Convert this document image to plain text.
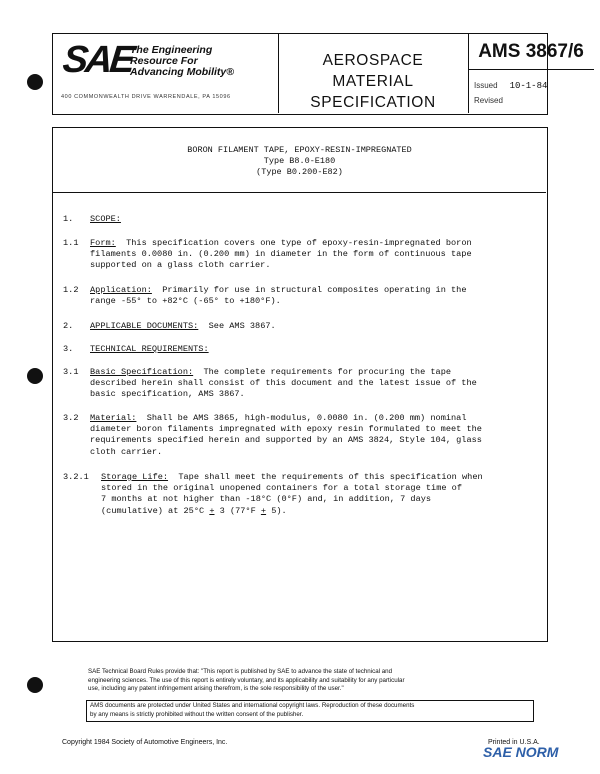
SAE
The Engineering
Resource For
Advancing Mobility®
400 COMMONWEALTH DRIVE WARRENDALE, PA 15096
AEROSPACE
MATERIAL
SPECIFICATION
AMS 3867/6
Issued 10-1-84
Revised
BORON FILAMENT TAPE, EPOXY-RESIN-IMPREGNATED
Type B8.0-E180
(Type B0.200-E82)
1. SCOPE:
1.1 Form:  This specification covers one type of epoxy-resin-impregnated boron
filaments 0.0080 in. (0.200 mm) in diameter in the form of continuous tape
supported on a glass cloth carrier.
1.2 Application:  Primarily for use in structural composites operating in the
range -55° to +82°C (-65° to +180°F).
2. APPLICABLE DOCUMENTS:  See AMS 3867.
3. TECHNICAL REQUIREMENTS:
3.1 Basic Specification:  The complete requirements for procuring the tape
described herein shall consist of this document and the latest issue of the
basic specification, AMS 3867.
3.2 Material:  Shall be AMS 3865, high-modulus, 0.0080 in. (0.200 mm) nominal
diameter boron filaments impregnated with epoxy resin formulated to meet the
requirements specified herein and supported by an AMS 3824, Style 104, glass
cloth carrier.
3.2.1 Storage Life:  Tape shall meet the requirements of this specification when
stored in the original unopened containers for a total storage time of
7 months at not higher than -18°C (0°F) and, in addition, 7 days
(cumulative) at 25°C + 3 (77°F + 5).
SAE Technical Board Rules provide that: "This report is published by SAE to advance the state of technical and
engineering sciences. The use of this report is entirely voluntary, and its applicability and suitability for any particular
use, including any patent infringement arising therefrom, is the sole responsibility of the user."
AMS documents are protected under United States and international copyright laws. Reproduction of these documents
by any means is strictly prohibited without the written consent of the publisher.
Copyright 1984 Society of Automotive Engineers, Inc.	Printed in U.S.A.
SAE NORM
